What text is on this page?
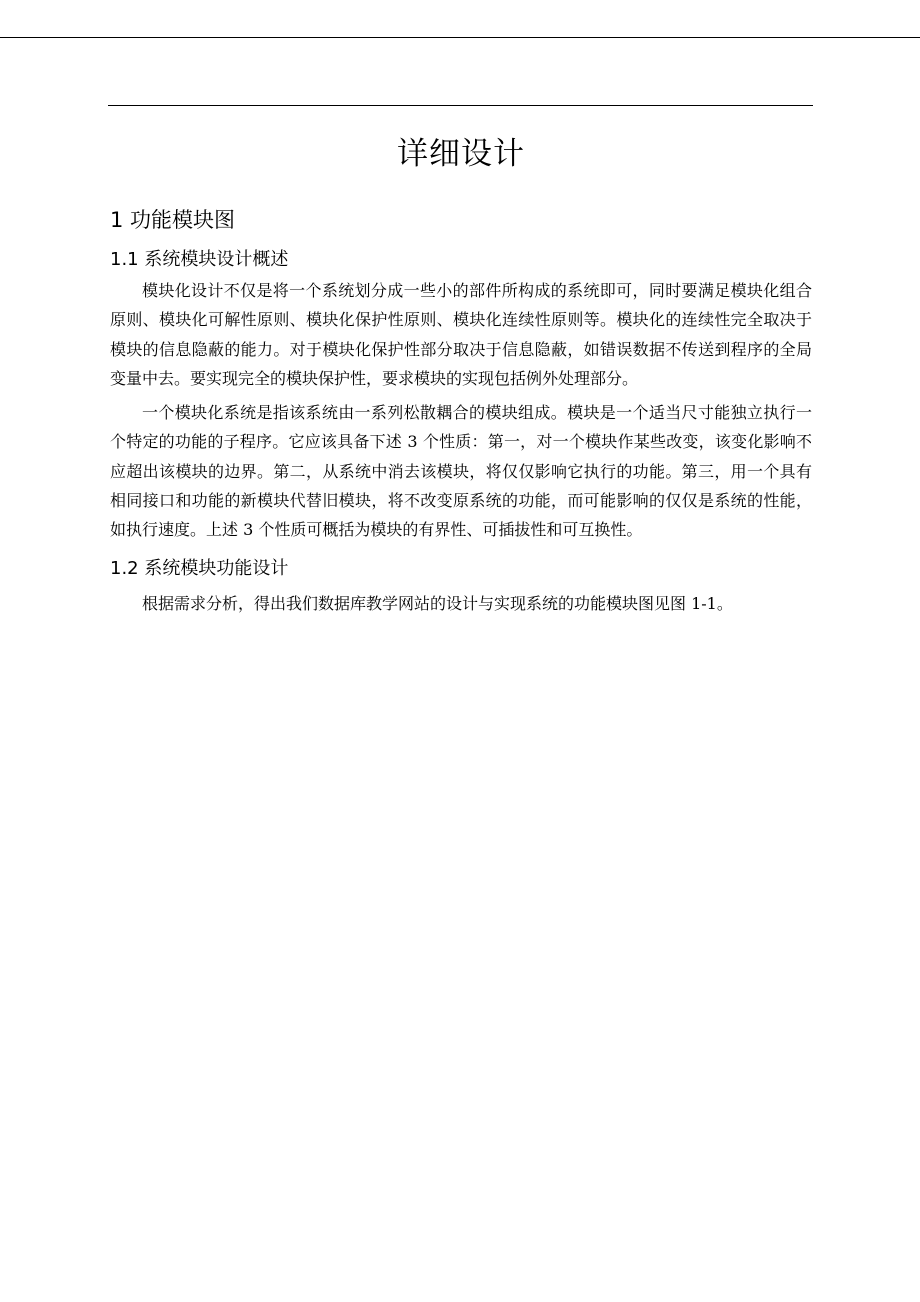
详细设计
1 功能模块图
1.1 系统模块设计概述

模块化设计不仅是将一个系统划分成一些小的部件所构成的系统即可，同时要满足模块化组合原则、模块化可解性原则、模块化保护性原则、模块化连续性原则等。模块化的连续性完全取决于模块的信息隐蔽的能力。对于模块化保护性部分取决于信息隐蔽，如错误数据不传送到程序的全局变量中去。要实现完全的模块保护性，要求模块的实现包括例外处理部分。

一个模块化系统是指该系统由一系列松散耦合的模块组成。模块是一个适当尺寸能独立执行一个特定的功能的子程序。它应该具备下述 3 个性质：第一，对一个模块作某些改变，该变化影响不应超出该模块的边界。第二，从系统中消去该模块，将仅仅影响它执行的功能。第三，用一个具有相同接口和功能的新模块代替旧模块，将不改变原系统的功能，而可能影响的仅仅是系统的性能，如执行速度。上述 3 个性质可概括为模块的有界性、可插拔性和可互换性。

1.2 系统模块功能设计

根据需求分析，得出我们数据库教学网站的设计与实现系统的功能模块图见图 1-1。
